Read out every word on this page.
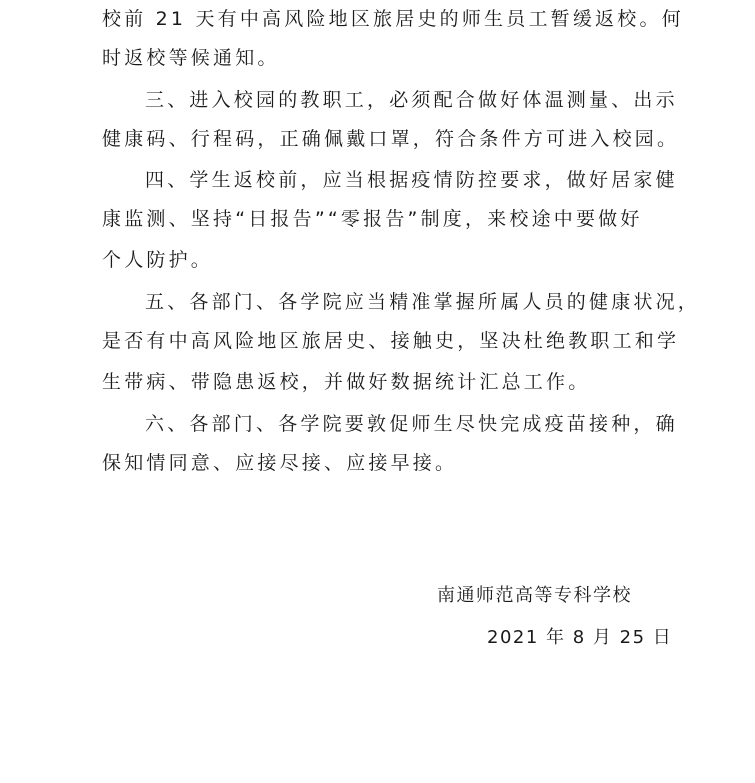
校前 21 天有中高风险地区旅居史的师生员工暂缓返校。何
时返校等候通知。
三、进入校园的教职工，必须配合做好体温测量、出示
健康码、行程码，正确佩戴口罩，符合条件方可进入校园。
四、学生返校前，应当根据疫情防控要求，做好居家健
康监测、坚持“日报告”“零报告”制度，来校途中要做好
个人防护。
五、各部门、各学院应当精准掌握所属人员的健康状况，
是否有中高风险地区旅居史、接触史，坚决杜绝教职工和学
生带病、带隐患返校，并做好数据统计汇总工作。
六、各部门、各学院要敦促师生尽快完成疫苗接种，确
保知情同意、应接尽接、应接早接。
南通师范高等专科学校
2021 年 8 月 25 日
